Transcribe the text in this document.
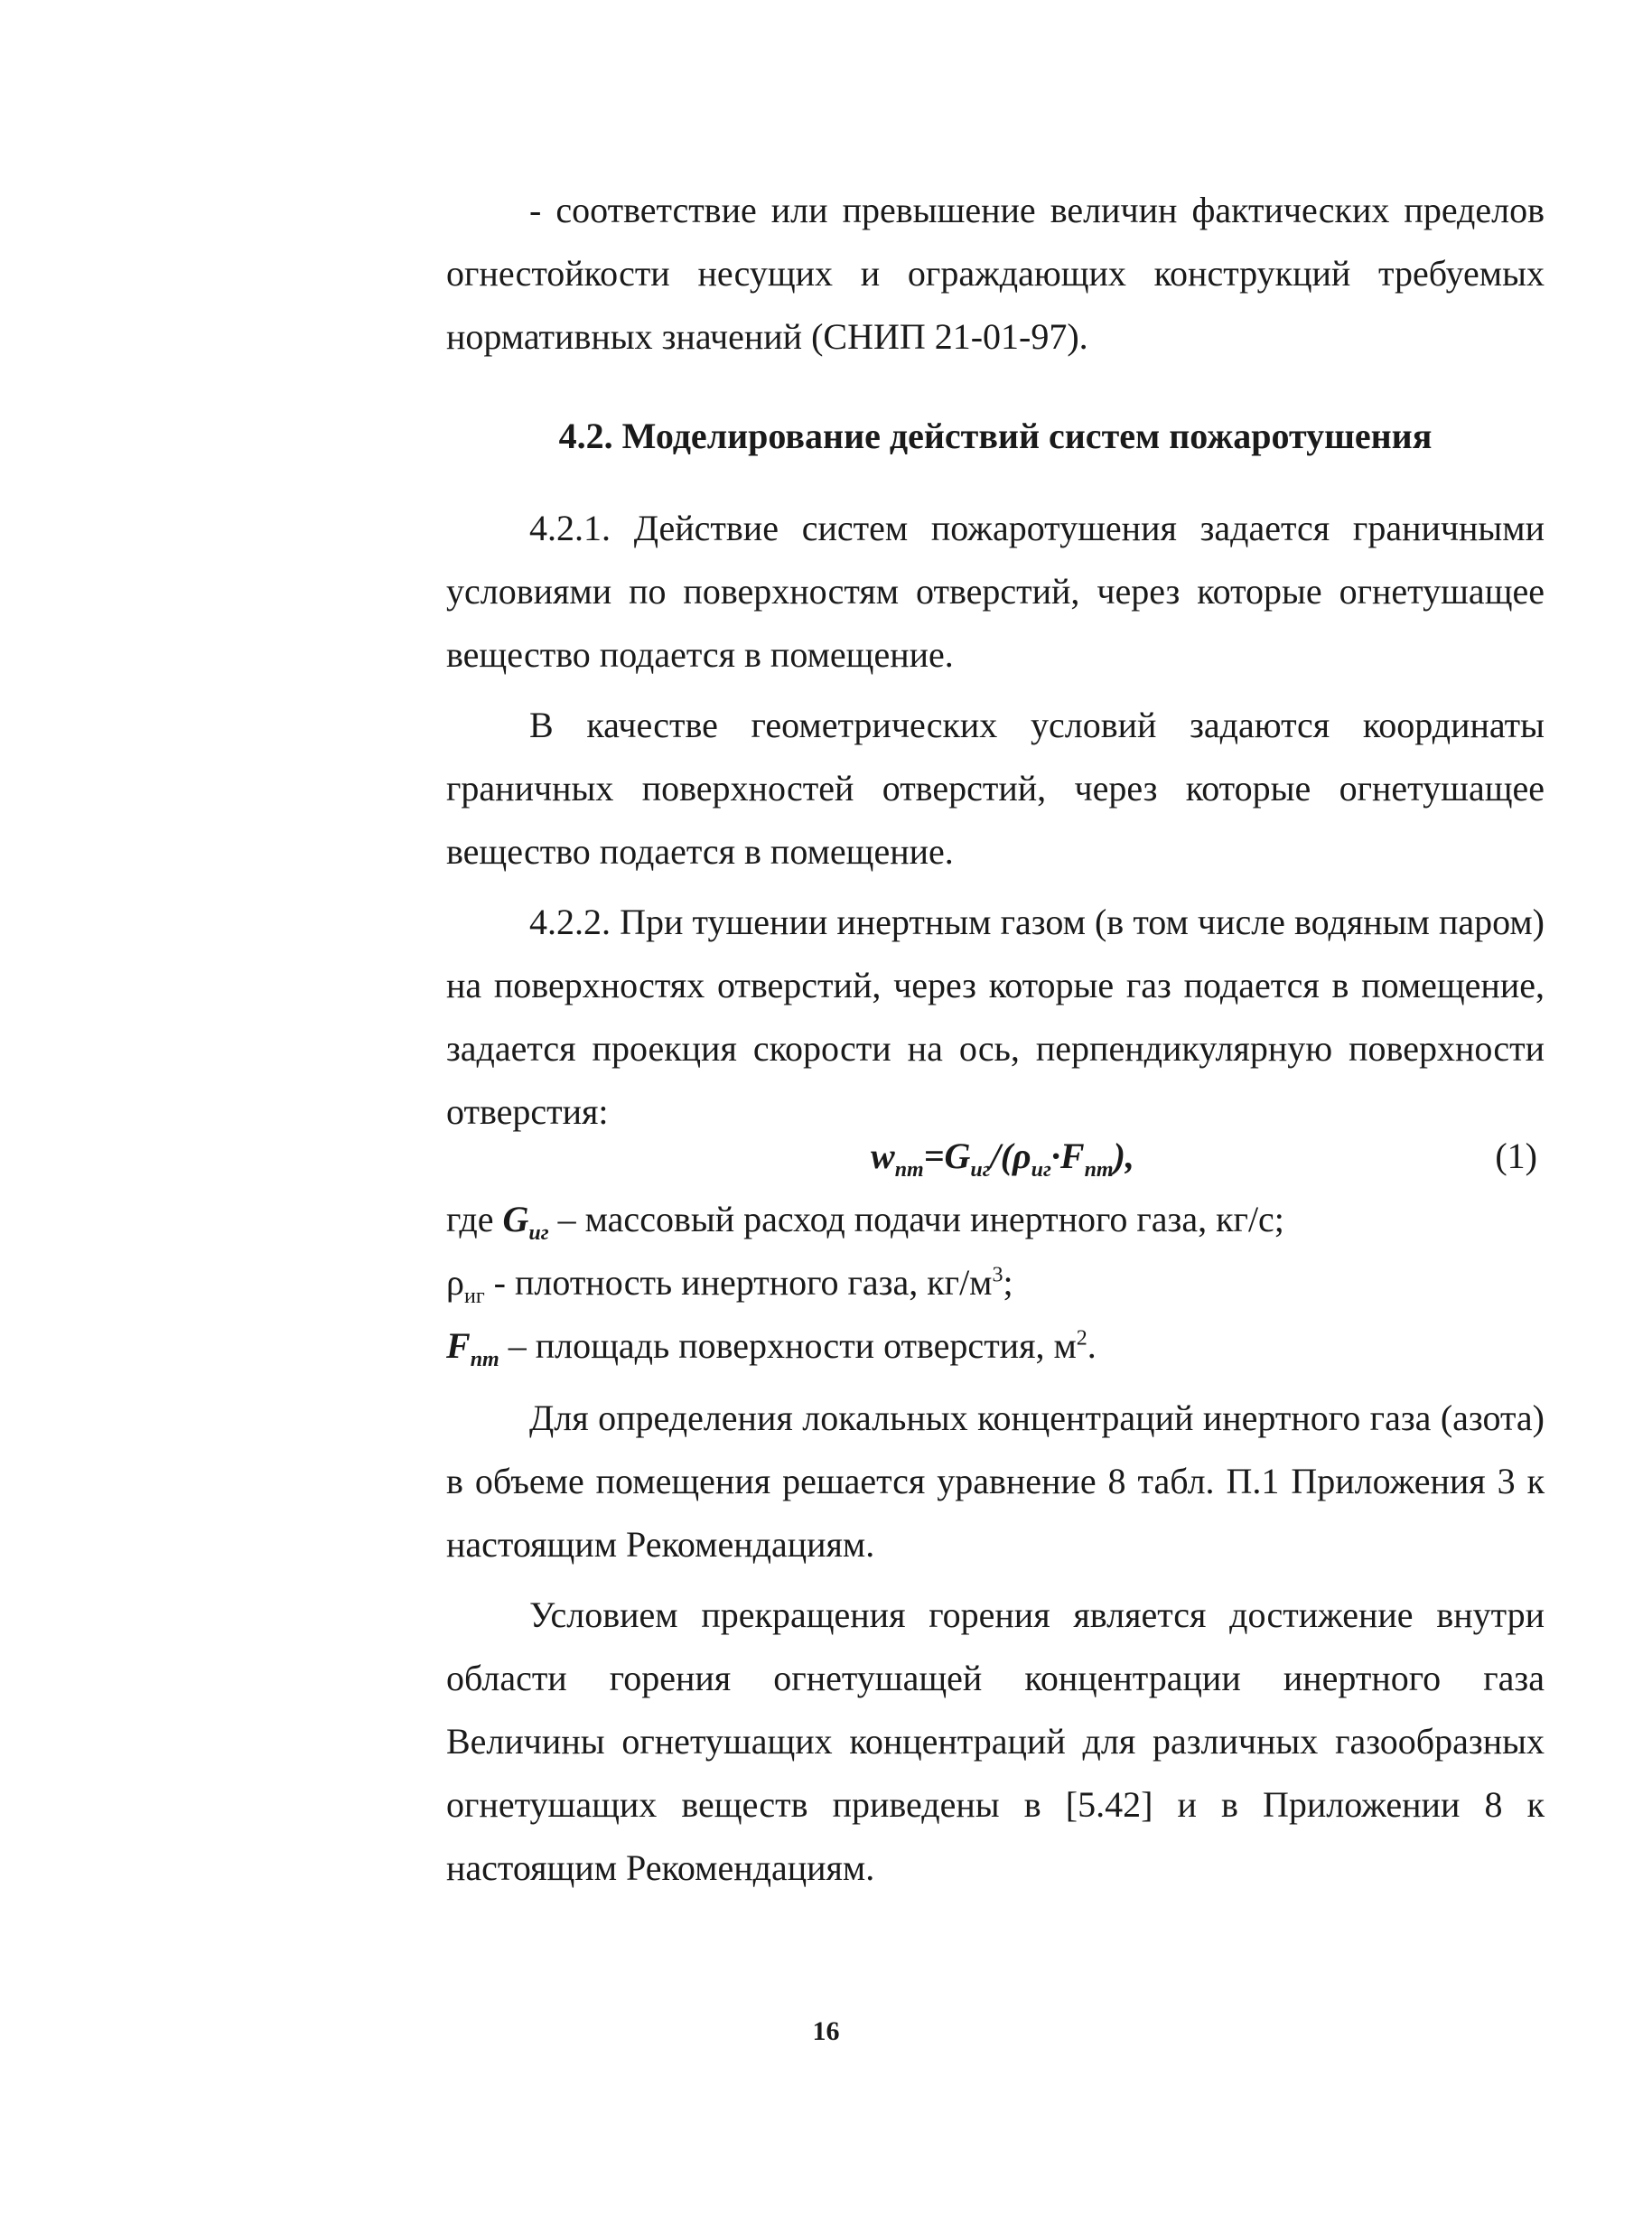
- соответствие или превышение величин фактических пределов огнестойкости несущих и ограждающих конструкций требуемых нормативных значений (СНИП 21-01-97).

4.2. Моделирование действий систем пожаротушения

4.2.1. Действие систем пожаротушения задается граничными условиями по поверхностям отверстий, через которые огнетушащее вещество подается в помещение.

В качестве геометрических условий задаются координаты граничных поверхностей отверстий, через которые огнетушащее вещество подается в помещение.

4.2.2. При тушении инертным газом (в том числе водяным паром) на поверхностях отверстий, через которые газ подается в помещение, задается проекция скорости на ось, перпендикулярную поверхности отверстия:

$w_{пт}=G_{иг}/(\rho_{иг}\cdot F_{пт})$,	(1)
где $G_{иг}$ – массовый расход подачи инертного газа, кг/с;
$\rho_{иг}$ - плотность инертного газа, $кг/м^3$;
$F_{пт}$ – площадь поверхности отверстия, $м^2$.

Для определения локальных концентраций инертного газа (азота) в объеме помещения решается уравнение 8 табл. П.1 Приложения 3 к настоящим Рекомендациям.

Условием прекращения горения является достижение внутри области горения огнетушащей концентрации инертного газа Величины огнетушащих концентраций для различных газообразных огнетушащих веществ приведены в [5.42] и в Приложении 8 к настоящим Рекомендациям.

16
